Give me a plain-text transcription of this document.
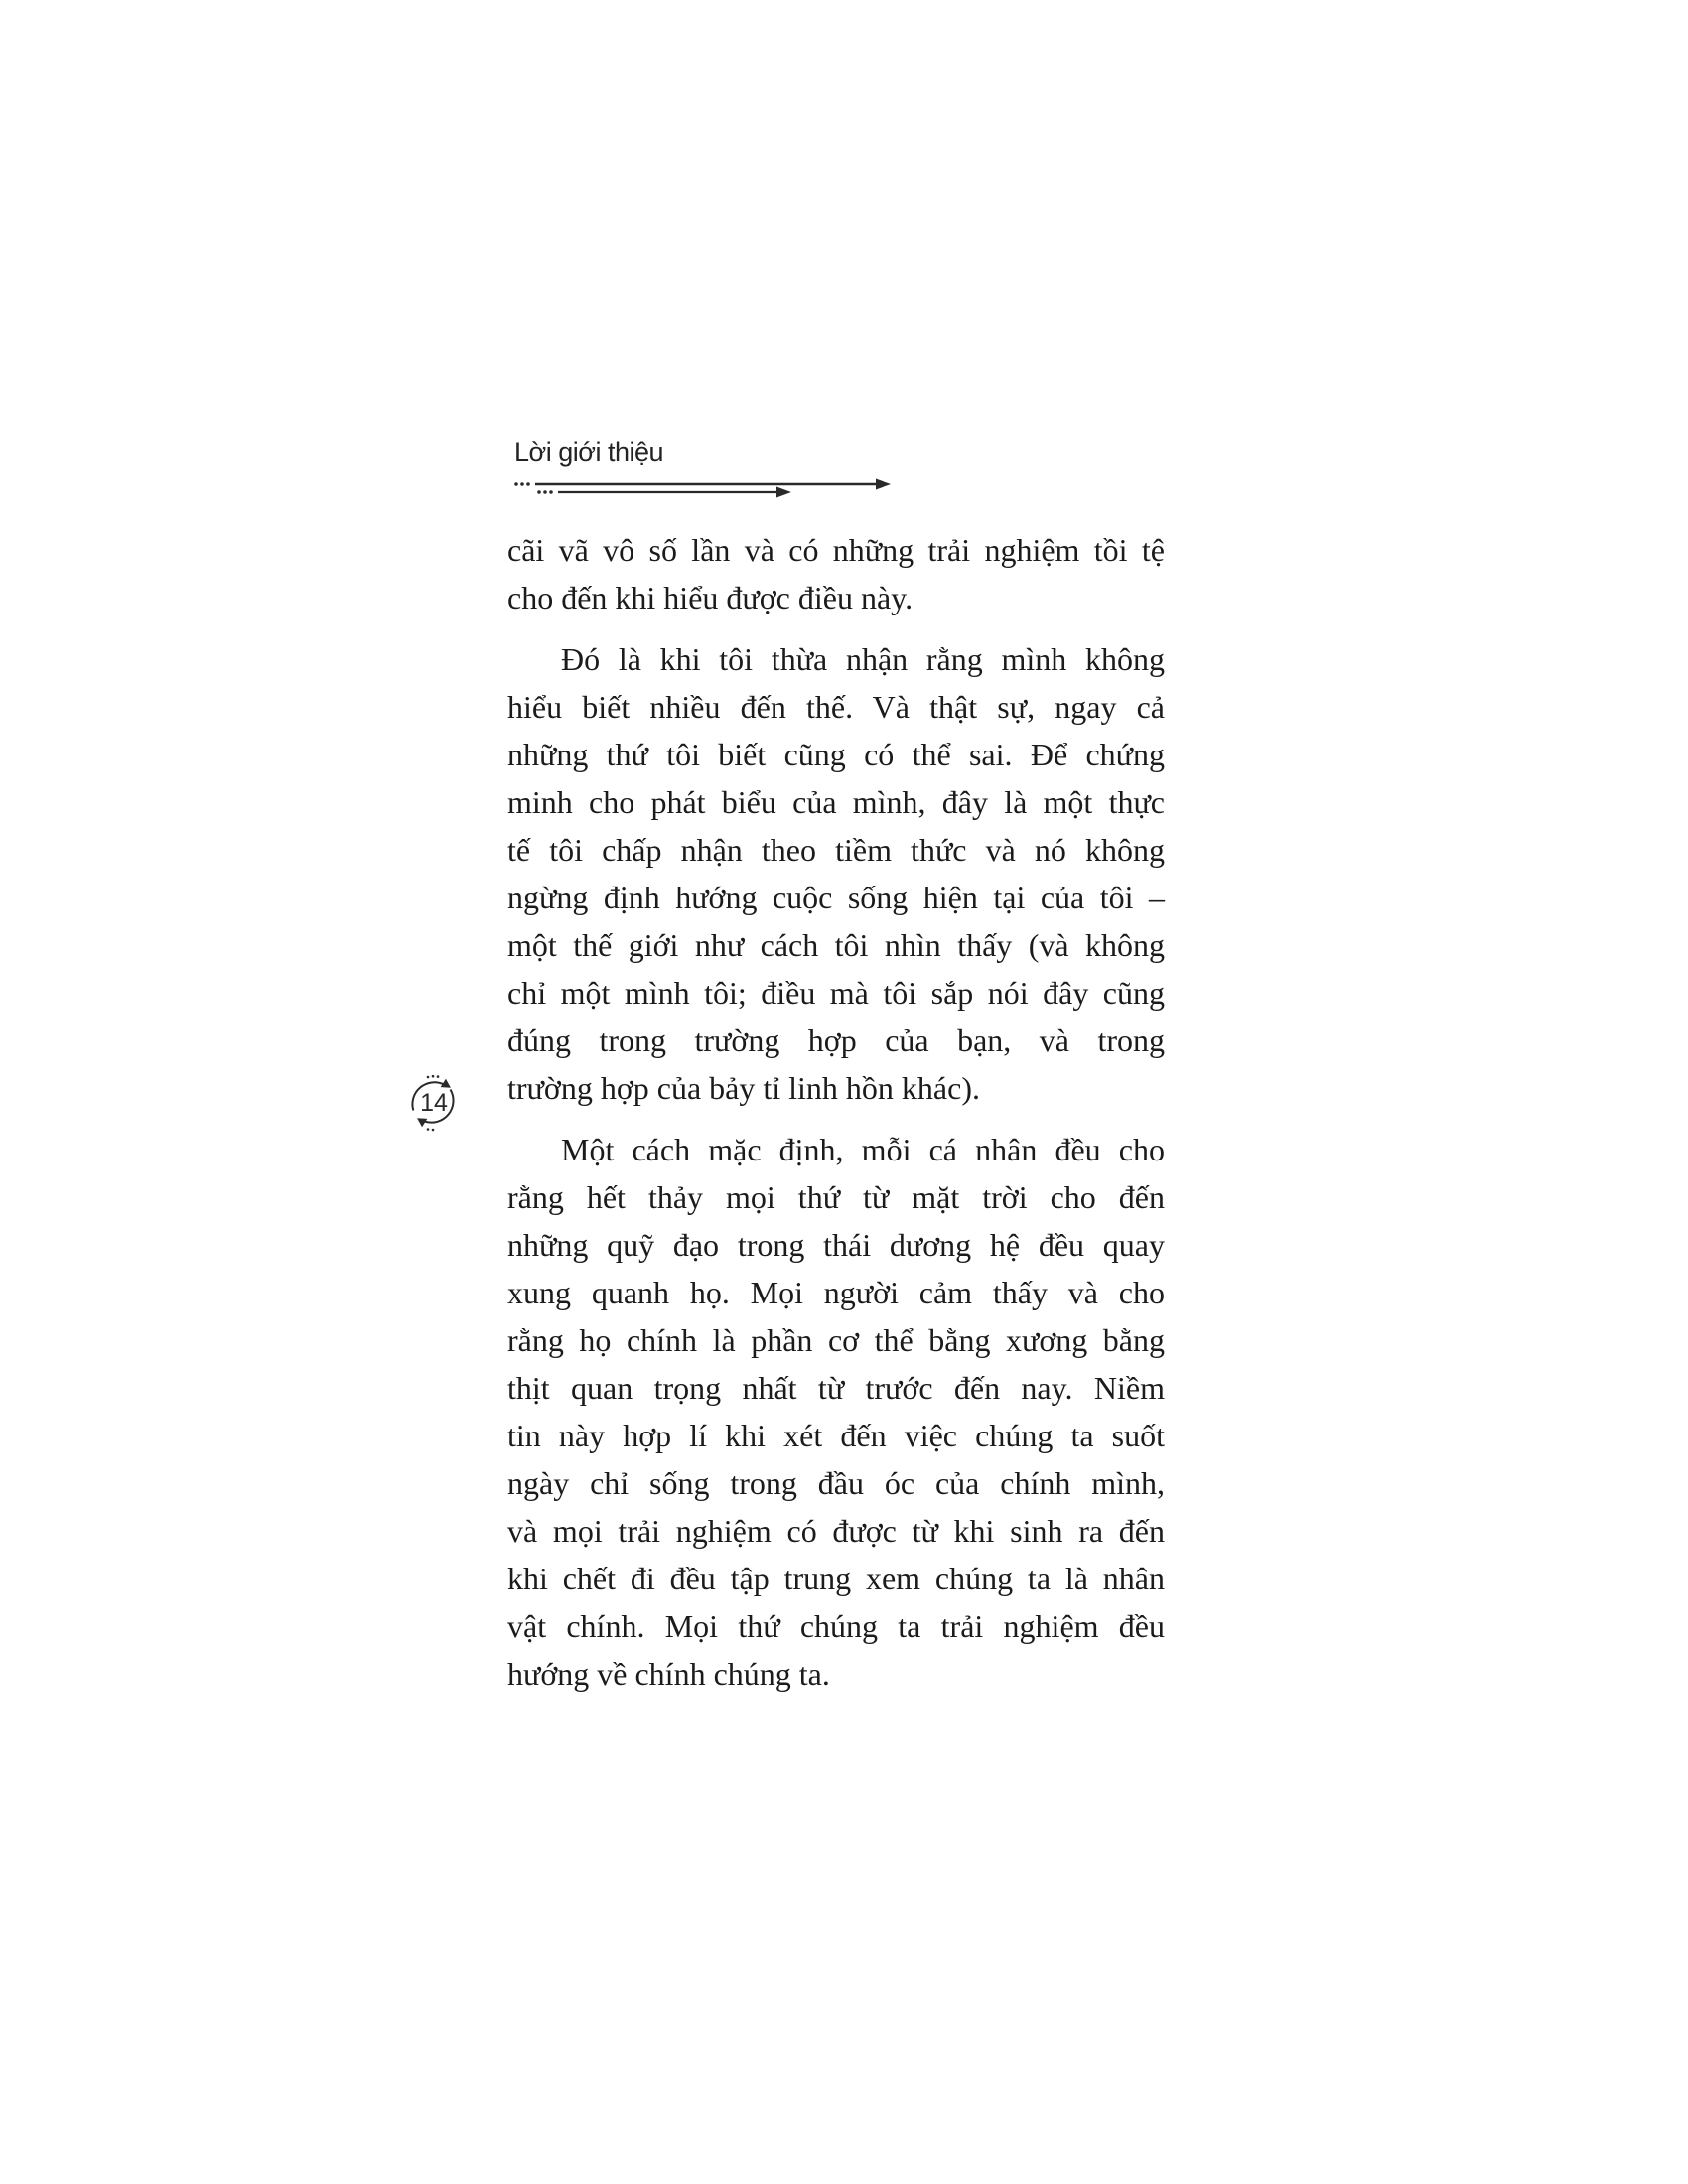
Lời giới thiệu
14
cãi vã vô số lần và có những trải nghiệm tồi tệ
cho đến khi hiểu được điều này.
Đó là khi tôi thừa nhận rằng mình không
hiểu biết nhiều đến thế. Và thật sự, ngay cả
những thứ tôi biết cũng có thể sai. Để chứng
minh cho phát biểu của mình, đây là một thực
tế tôi chấp nhận theo tiềm thức và nó không
ngừng định hướng cuộc sống hiện tại của tôi –
một thế giới như cách tôi nhìn thấy (và không
chỉ một mình tôi; điều mà tôi sắp nói đây cũng
đúng trong trường hợp của bạn, và trong
trường hợp của bảy tỉ linh hồn khác).
Một cách mặc định, mỗi cá nhân đều cho
rằng hết thảy mọi thứ từ mặt trời cho đến
những quỹ đạo trong thái dương hệ đều quay
xung quanh họ. Mọi người cảm thấy và cho
rằng họ chính là phần cơ thể bằng xương bằng
thịt quan trọng nhất từ trước đến nay. Niềm
tin này hợp lí khi xét đến việc chúng ta suốt
ngày chỉ sống trong đầu óc của chính mình,
và mọi trải nghiệm có được từ khi sinh ra đến
khi chết đi đều tập trung xem chúng ta là nhân
vật chính. Mọi thứ chúng ta trải nghiệm đều
hướng về chính chúng ta.
